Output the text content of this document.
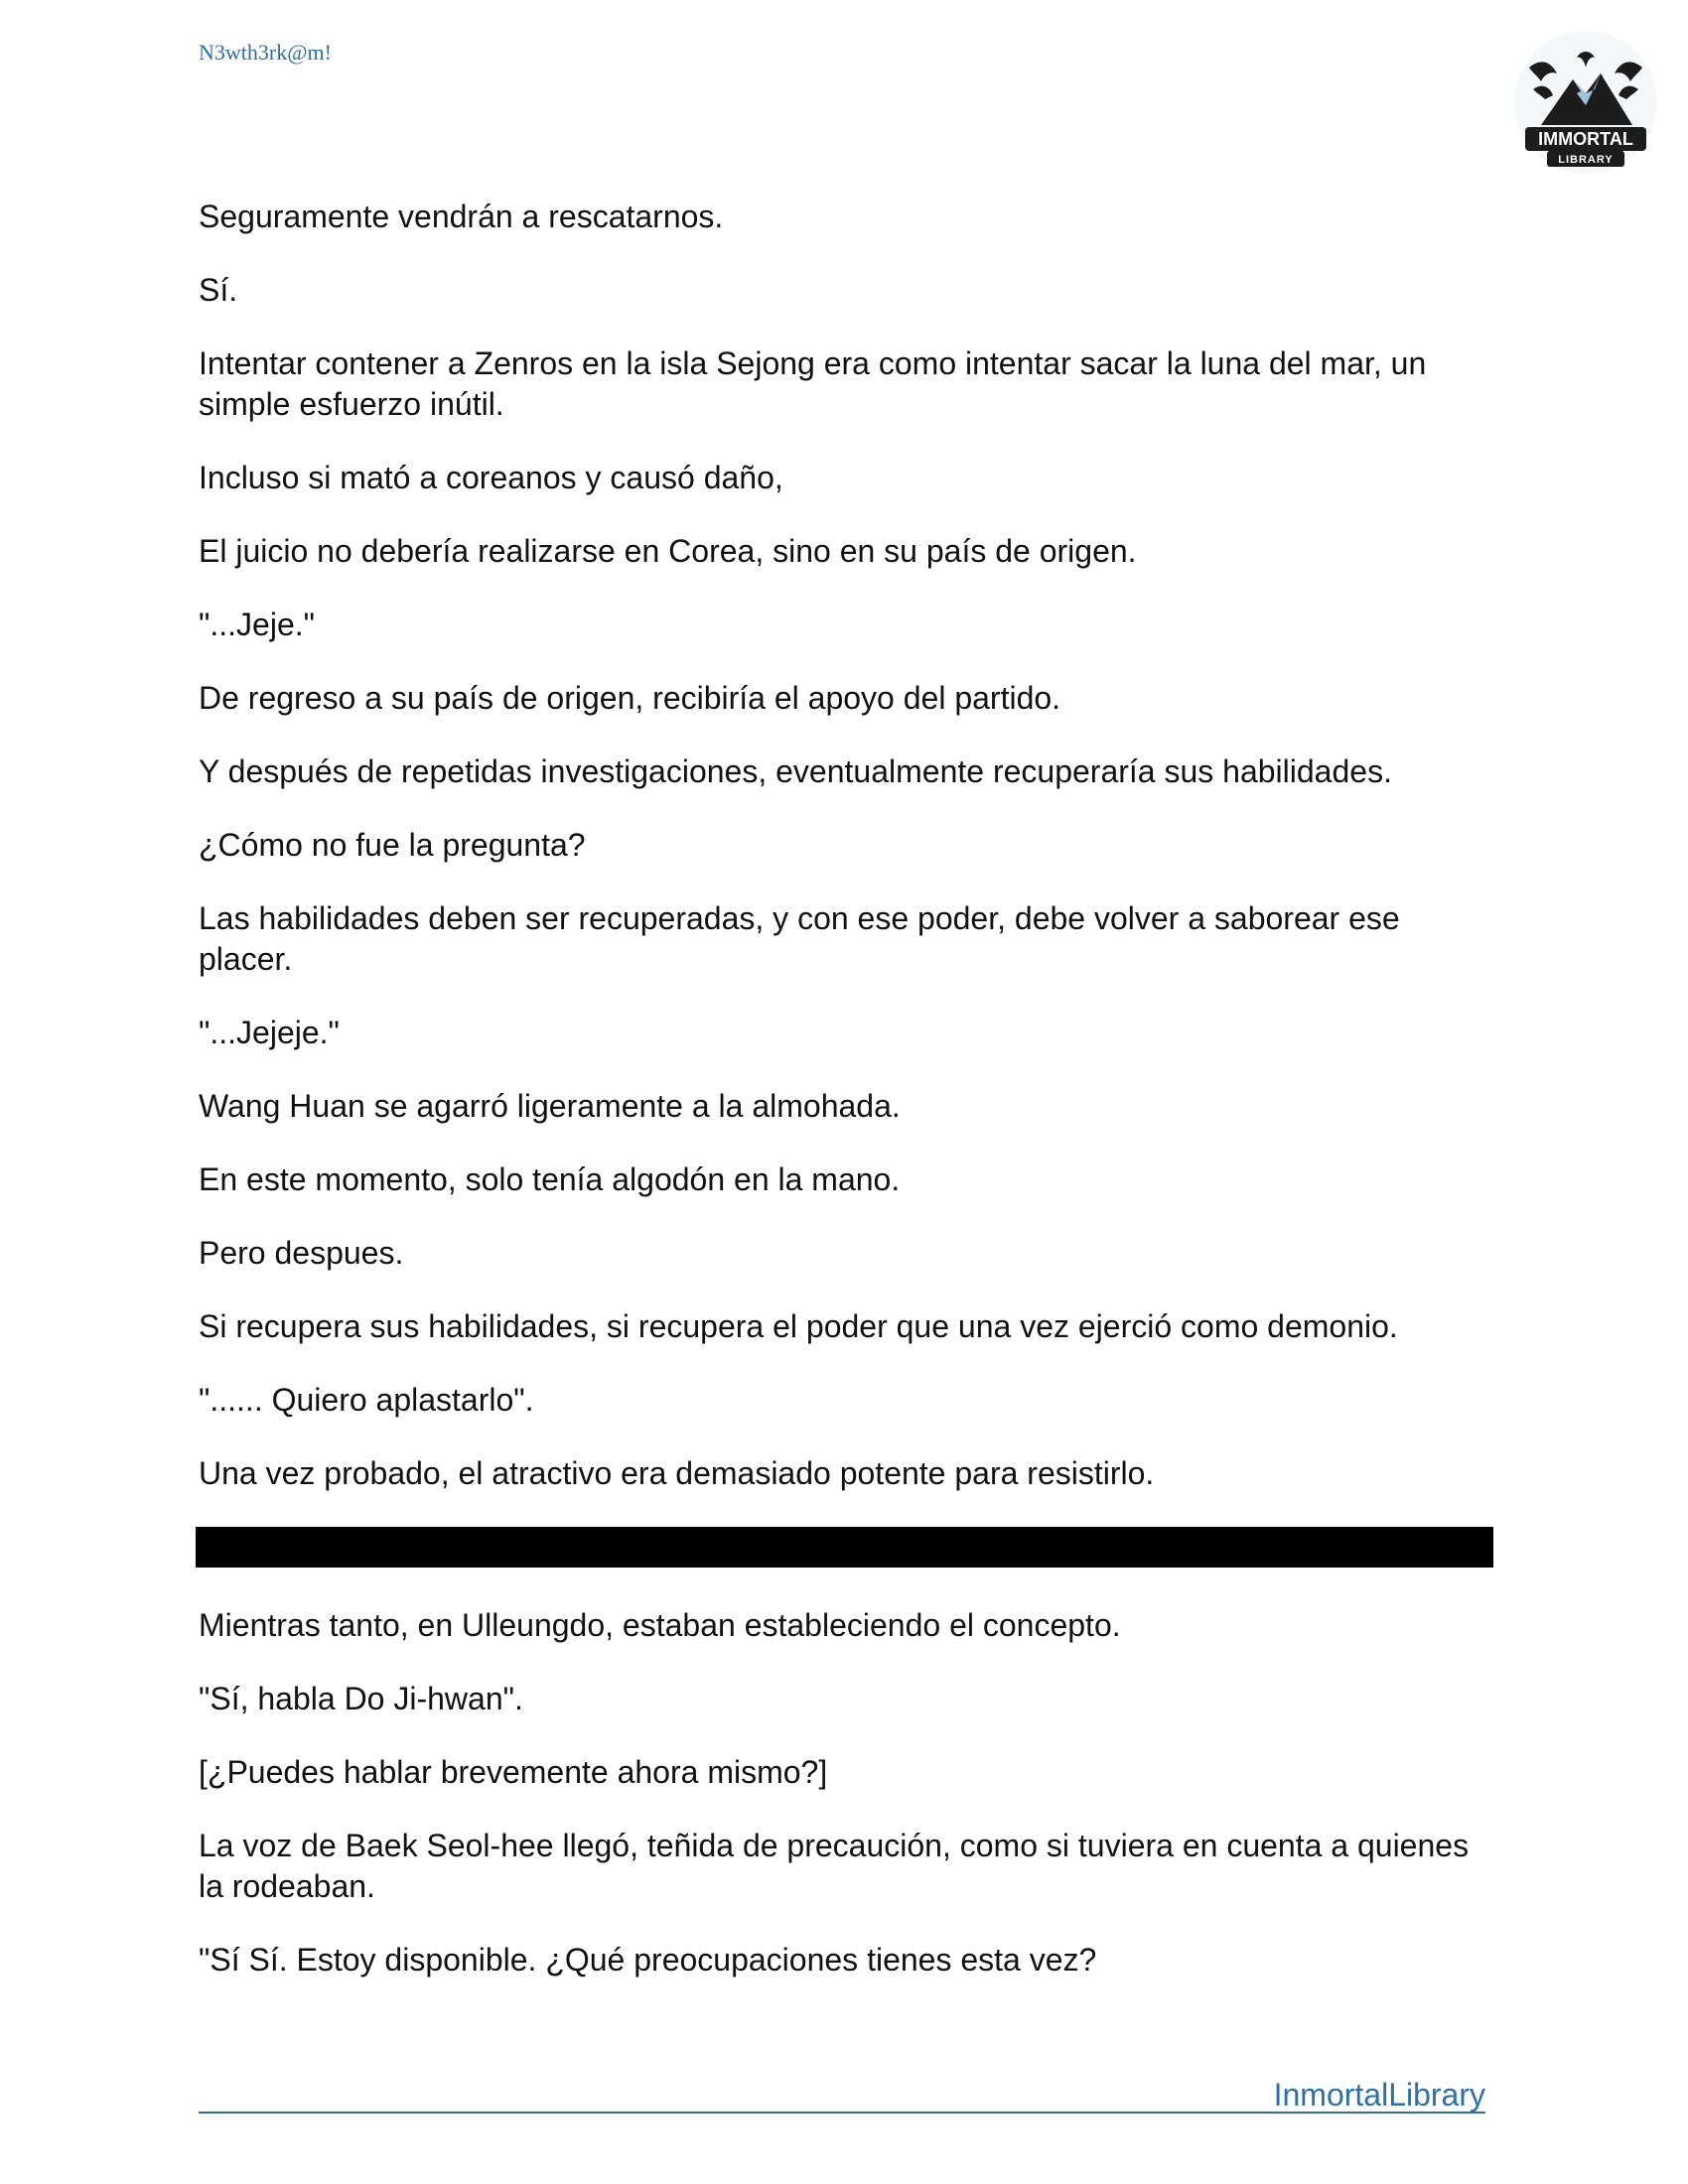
N3wth3rk@m!
IMMORTAL
LIBRARY

Seguramente vendrán a rescatarnos.

Sí.

Intentar contener a Zenros en la isla Sejong era como intentar sacar la luna del mar, un simple esfuerzo inútil.

Incluso si mató a coreanos y causó daño,

El juicio no debería realizarse en Corea, sino en su país de origen.

"...Jeje."

De regreso a su país de origen, recibiría el apoyo del partido.

Y después de repetidas investigaciones, eventualmente recuperaría sus habilidades.

¿Cómo no fue la pregunta?

Las habilidades deben ser recuperadas, y con ese poder, debe volver a saborear ese placer.

"...Jejeje."

Wang Huan se agarró ligeramente a la almohada.

En este momento, solo tenía algodón en la mano.

Pero despues.

Si recupera sus habilidades, si recupera el poder que una vez ejerció como demonio.

"...... Quiero aplastarlo".

Una vez probado, el atractivo era demasiado potente para resistirlo.

Mientras tanto, en Ulleungdo, estaban estableciendo el concepto.

"Sí, habla Do Ji-hwan".

[¿Puedes hablar brevemente ahora mismo?]

La voz de Baek Seol-hee llegó, teñida de precaución, como si tuviera en cuenta a quienes la rodeaban.

"Sí Sí. Estoy disponible. ¿Qué preocupaciones tienes esta vez?

InmortalLibrary
